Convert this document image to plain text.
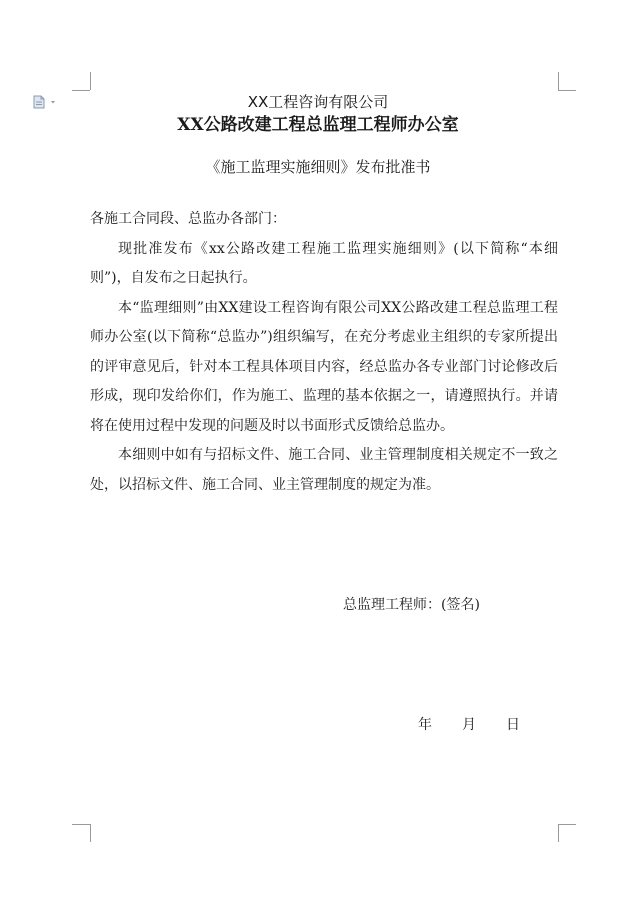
XX工程咨询有限公司
XX公路改建工程总监理工程师办公室
《施工监理实施细则》发布批准书

各施工合同段、总监办各部门：

现批准发布《xx公路改建工程施工监理实施细则》(以下简称“本细则”)，自发布之日起执行。

本“监理细则”由XX建设工程咨询有限公司XX公路改建工程总监理工程师办公室(以下简称“总监办”)组织编写，在充分考虑业主组织的专家所提出的评审意见后，针对本工程具体项目内容，经总监办各专业部门讨论修改后形成，现印发给你们，作为施工、监理的基本依据之一，请遵照执行。并请将在使用过程中发现的问题及时以书面形式反馈给总监办。

本细则中如有与招标文件、施工合同、业主管理制度相关规定不一致之处，以招标文件、施工合同、业主管理制度的规定为准。

总监理工程师：(签名)
年 月 日
